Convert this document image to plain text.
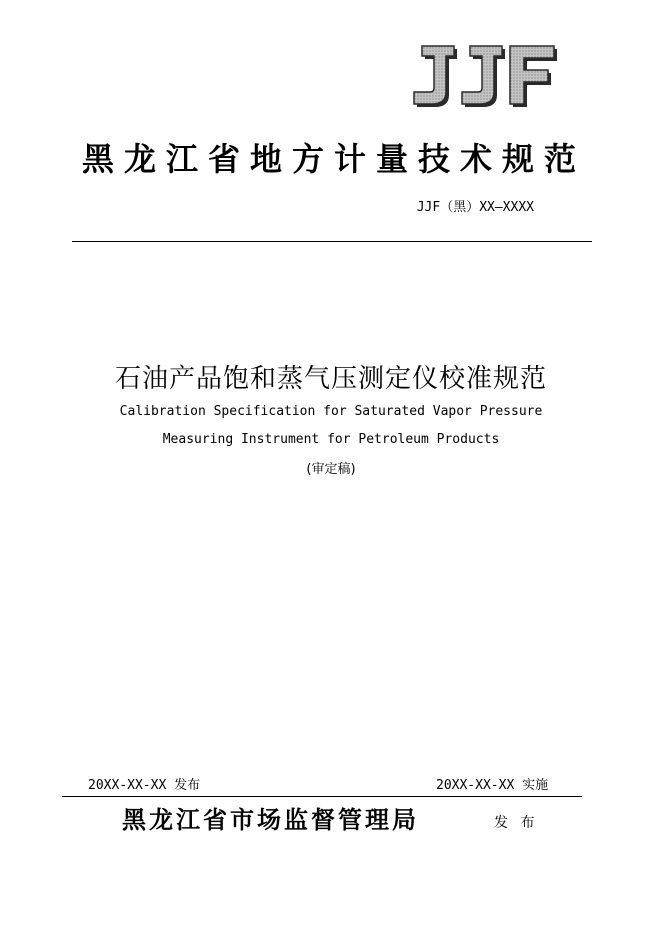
黑龙江省地方计量技术规范
JJF（黑）XX—XXXX
石油产品饱和蒸气压测定仪校准规范
Calibration Specification for Saturated Vapor Pressure
Measuring Instrument for Petroleum Products
(审定稿)
20XX-XX-XX 发布	20XX-XX-XX 实施
黑龙江省市场监督管理局	发 布
